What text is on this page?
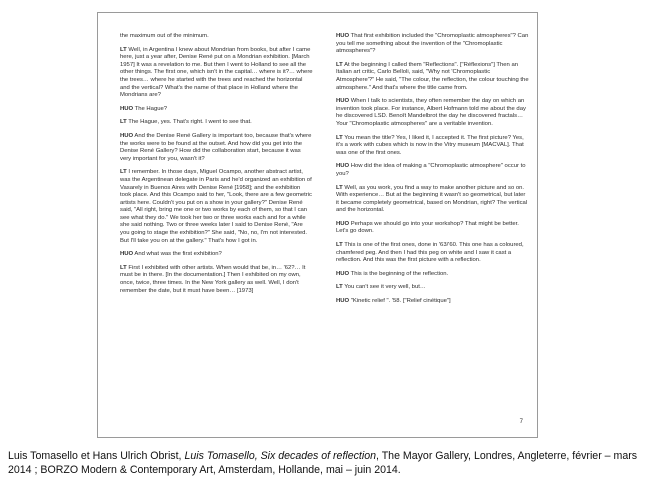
the maximum out of the minimum.

LT Well, in Argentina I knew about Mondrian from books, but after I came here, just a year after, Denise René put on a Mondrian exhibition. [March 1957] It was a revelation to me. But then I went to Holland to see all the other things. The first one, which isn't in the capital… where is it?… where the trees… where he started with the trees and reached the horizontal and the vertical? What's the name of that place in Holland where the Mondrians are?

HUO The Hague?

LT The Hague, yes. That's right. I went to see that.

HUO And the Denise René Gallery is important too, because that's where the works were to be found at the outset. And how did you get into the Denise René Gallery? How did the collaboration start, because it was very important for you, wasn't it?

LT I remember. In those days, Miguel Ocampo, another abstract artist, was the Argentinean delegate in Paris and he'd organized an exhibition of Vasarely in Buenos Aires with Denise René [1958]; and the exhibition took place. And this Ocampo said to her, "Look, there are a few geometric artists here. Couldn't you put on a show in your gallery?" Denise René said, "All right, bring me one or two works by each of them, so that I can see what they do." We took her two or three works each and for a while she said nothing. Two or three weeks later I said to Denise René, "Are you going to stage the exhibition?" She said, "No, no, I'm not interested. But I'll take you on at the gallery." That's how I got in.

HUO And what was the first exhibition?

LT First I exhibited with other artists. When would that be, in… '62?… It must be in there. [In the documentation.] Then I exhibited on my own, once, twice, three times. In the New York gallery as well. Well, I don't remember the date, but it must have been… [1973]

HUO That first exhibition included the "Chromoplastic atmospheres"? Can you tell me something about the invention of the "Chromoplastic atmospheres"?

LT At the beginning I called them "Reflections". ["Réflexions"] Then an Italian art critic, Carlo Belloli, said, "Why not 'Chromoplastic Atmosphere'?" He said, "The colour, the reflection, the colour touching the atmosphere." And that's where the title came from.

HUO When I talk to scientists, they often remember the day on which an invention took place. For instance, Albert Hofmann told me about the day he discovered LSD. Benoît Mandelbrot the day he discovered fractals… Your "Chromoplastic atmospheres" are a veritable invention.

LT You mean the title? Yes, I liked it, I accepted it. The first picture? Yes, it's a work with cubes which is now in the Vitry museum [MACVAL]. That was one of the first ones.

HUO How did the idea of making a "Chromoplastic atmosphere" occur to you?

LT Well, as you work, you find a way to make another picture and so on. With experience… But at the beginning it wasn't so geometrical, but later it became completely geometrical, based on Mondrian, right? The vertical and the horizontal.

HUO Perhaps we should go into your workshop? That might be better. Let's go down.

LT This is one of the first ones, done in '63/'60. This one has a coloured, chamfered peg. And then I had this peg on white and I saw it cast a reflection. And this was the first picture with a reflection.

HUO This is the beginning of the reflection.

LT You can't see it very well, but…

HUO "Kinetic relief ". '58. ["Relief cinétique"]

7
Luis Tomasello et Hans Ulrich Obrist, Luis Tomasello, Six decades of reflection, The Mayor Gallery, Londres, Angleterre, février – mars 2014 ; BORZO Modern & Contemporary Art, Amsterdam, Hollande, mai – juin 2014.
